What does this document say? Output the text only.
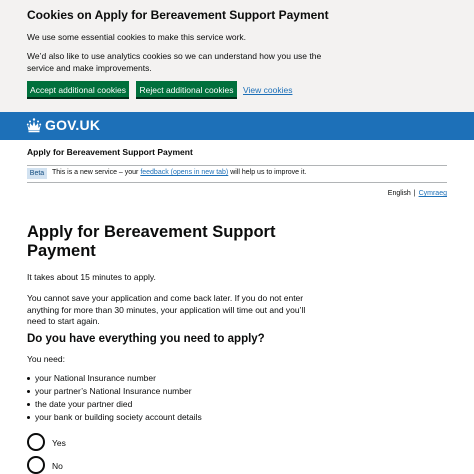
Cookies on Apply for Bereavement Support Payment
We use some essential cookies to make this service work.
We’d also like to use analytics cookies so we can understand how you use the service and make improvements.
Accept additional cookies	Reject additional cookies	View cookies
GOV.UK
Apply for Bereavement Support Payment
Beta	This is a new service – your feedback (opens in new tab) will help us to improve it.
English | Cymraeg
Apply for Bereavement Support Payment

It takes about 15 minutes to apply.

You cannot save your application and come back later. If you do not enter anything for more than 30 minutes, your application will time out and you’ll need to start again.

Do you have everything you need to apply?

You need:

your National Insurance number
your partner’s National Insurance number
the date your partner died
your bank or building society account details
Yes
No
